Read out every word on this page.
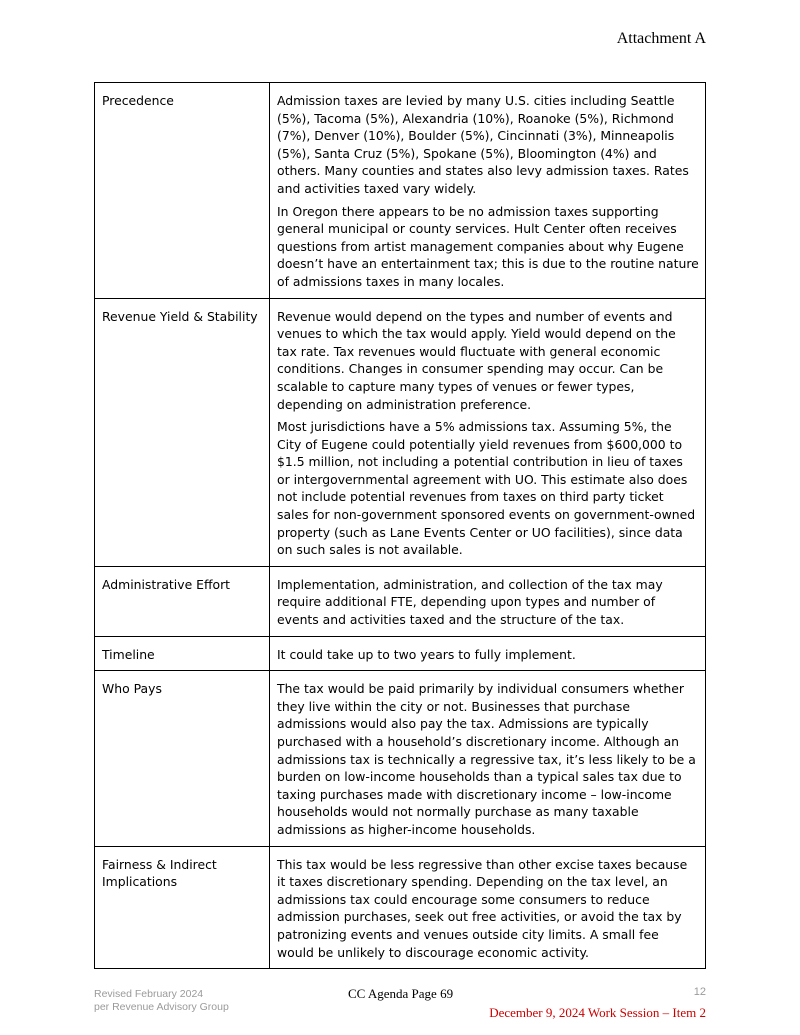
Attachment A
Precedence	Admission taxes are levied by many U.S. cities including Seattle (5%), Tacoma (5%), Alexandria (10%), Roanoke (5%), Richmond (7%), Denver (10%), Boulder (5%), Cincinnati (3%), Minneapolis (5%), Santa Cruz (5%), Spokane (5%), Bloomington (4%) and others. Many counties and states also levy admission taxes. Rates and activities taxed vary widely.

In Oregon there appears to be no admission taxes supporting general municipal or county services. Hult Center often receives questions from artist management companies about why Eugene doesn’t have an entertainment tax; this is due to the routine nature of admissions taxes in many locales.

Revenue Yield & Stability	Revenue would depend on the types and number of events and venues to which the tax would apply. Yield would depend on the tax rate. Tax revenues would fluctuate with general economic conditions. Changes in consumer spending may occur. Can be scalable to capture many types of venues or fewer types, depending on administration preference.

Most jurisdictions have a 5% admissions tax. Assuming 5%, the City of Eugene could potentially yield revenues from $600,000 to $1.5 million, not including a potential contribution in lieu of taxes or intergovernmental agreement with UO. This estimate also does not include potential revenues from taxes on third party ticket sales for non-government sponsored events on government-owned property (such as Lane Events Center or UO facilities), since data on such sales is not available.

Administrative Effort	Implementation, administration, and collection of the tax may require additional FTE, depending upon types and number of events and activities taxed and the structure of the tax.

Timeline	It could take up to two years to fully implement.

Who Pays	The tax would be paid primarily by individual consumers whether they live within the city or not. Businesses that purchase admissions would also pay the tax. Admissions are typically purchased with a household’s discretionary income. Although an admissions tax is technically a regressive tax, it’s less likely to be a burden on low-income households than a typical sales tax due to taxing purchases made with discretionary income – low-income households would not normally purchase as many taxable admissions as higher-income households.

Fairness & Indirect Implications	This tax would be less regressive than other excise taxes because it taxes discretionary spending. Depending on the tax level, an admissions tax could encourage some consumers to reduce admission purchases, seek out free activities, or avoid the tax by patronizing events and venues outside city limits. A small fee would be unlikely to discourage economic activity.

Revised February 2024
per Revenue Advisory Group
CC Agenda Page 69	12
December 9, 2024 Work Session – Item 2
